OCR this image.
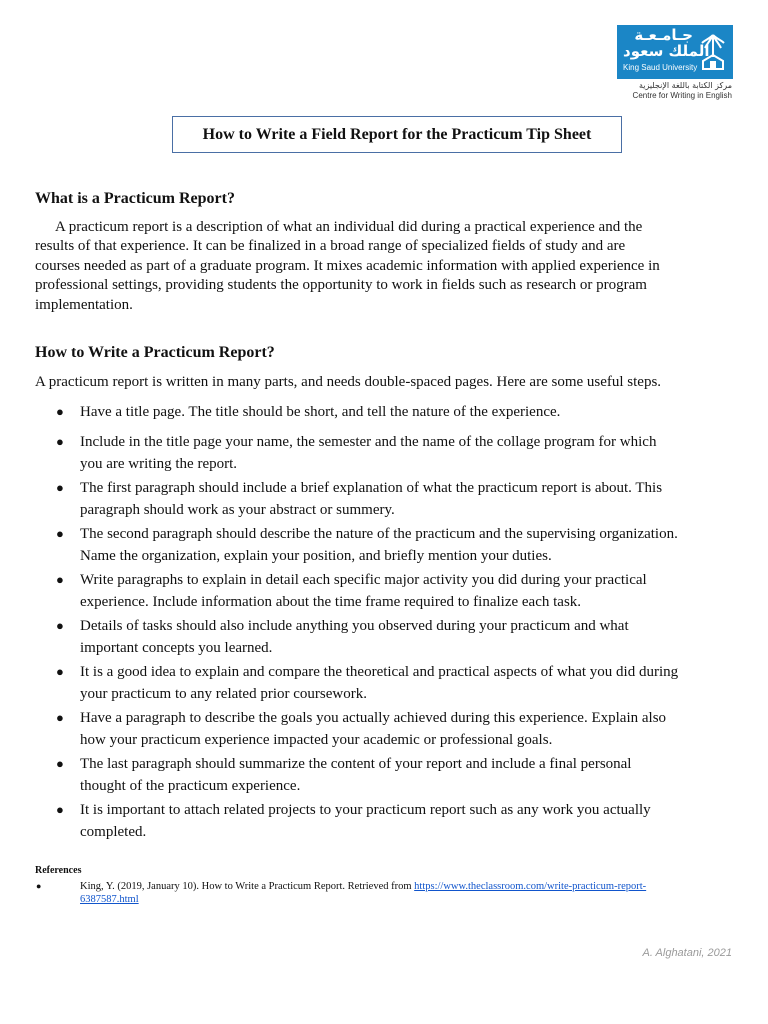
جـامـعـة
الملك سعود
King Saud University
مركز الكتابة باللغة الإنجليزية
Centre for Writing in English
How to Write a Field Report for the Practicum Tip Sheet
What is a Practicum Report?
A practicum report is a description of what an individual did during a practical experience and the
results of that experience. It can be finalized in a broad range of specialized fields of study and are
courses needed as part of a graduate program. It mixes academic information with applied experience in
professional settings, providing students the opportunity to work in fields such as research or program
implementation.
How to Write a Practicum Report?
A practicum report is written in many parts, and needs double-spaced pages. Here are some useful steps.
● Have a title page. The title should be short, and tell the nature of the experience.
● Include in the title page your name, the semester and the name of the collage program for which
you are writing the report.
● The first paragraph should include a brief explanation of what the practicum report is about. This
paragraph should work as your abstract or summery.
● The second paragraph should describe the nature of the practicum and the supervising organization.
Name the organization, explain your position, and briefly mention your duties.
● Write paragraphs to explain in detail each specific major activity you did during your practical
experience. Include information about the time frame required to finalize each task.
● Details of tasks should also include anything you observed during your practicum and what
important concepts you learned.
● It is a good idea to explain and compare the theoretical and practical aspects of what you did during
your practicum to any related prior coursework.
● Have a paragraph to describe the goals you actually achieved during this experience. Explain also
how your practicum experience impacted your academic or professional goals.
● The last paragraph should summarize the content of your report and include a final personal
thought of the practicum experience.
● It is important to attach related projects to your practicum report such as any work you actually
completed.
References
●	King, Y. (2019, January 10). How to Write a Practicum Report. Retrieved from https://www.theclassroom.com/write-practicum-report-
6387587.html
A. Alghatani, 2021
